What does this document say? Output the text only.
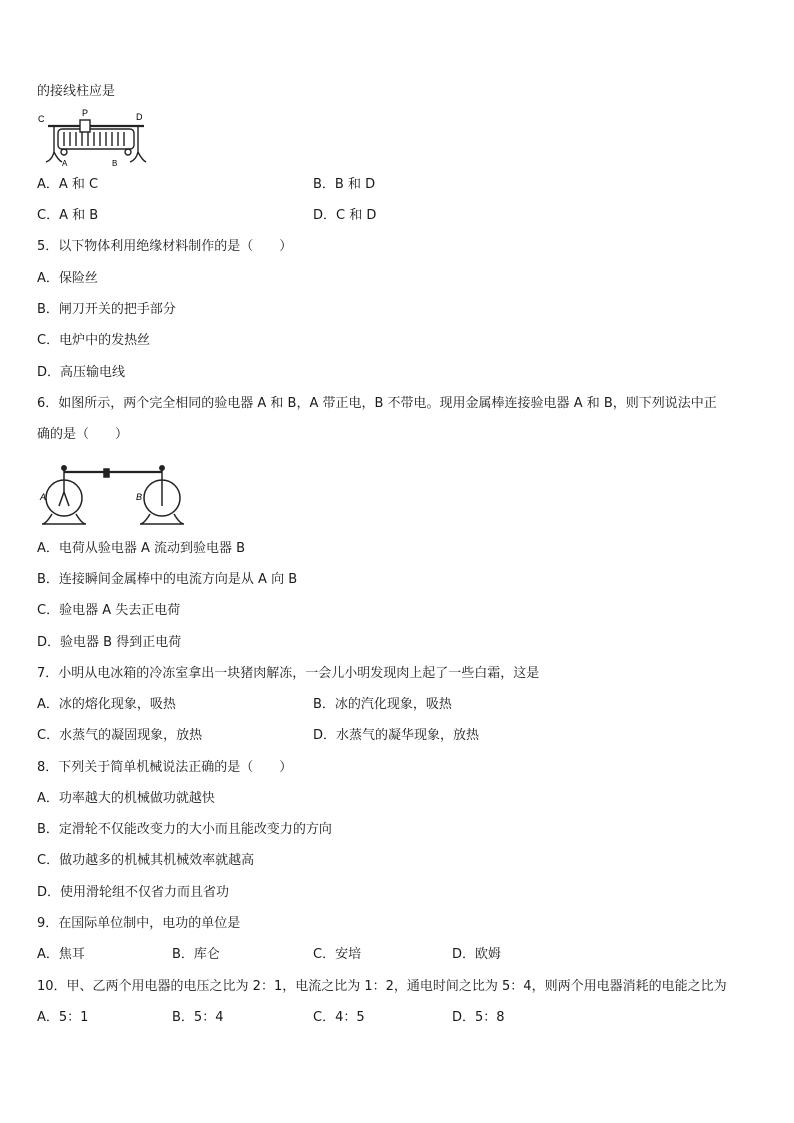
的接线柱应是
C
P	D
A	B
A．A 和 C	B．B 和 D
C．A 和 B	D．C 和 D
5．以下物体利用绝缘材料制作的是（　　）
A．保险丝
B．闸刀开关的把手部分
C．电炉中的发热丝
D．高压输电线
6．如图所示，两个完全相同的验电器 A 和 B，A 带正电，B 不带电。现用金属棒连接验电器 A 和 B，则下列说法中正
确的是（　　）
A	B
A．电荷从验电器 A 流动到验电器 B
B．连接瞬间金属棒中的电流方向是从 A 向 B
C．验电器 A 失去正电荷
D．验电器 B 得到正电荷
7．小明从电冰箱的冷冻室拿出一块猪肉解冻，一会儿小明发现肉上起了一些白霜，这是
A．冰的熔化现象，吸热	B．冰的汽化现象，吸热
C．水蒸气的凝固现象，放热	D．水蒸气的凝华现象，放热
8．下列关于简单机械说法正确的是（　　）
A．功率越大的机械做功就越快
B．定滑轮不仅能改变力的大小而且能改变力的方向
C．做功越多的机械其机械效率就越高
D．使用滑轮组不仅省力而且省功
9．在国际单位制中，电功的单位是
A．焦耳	B．库仑	C．安培	D．欧姆
10．甲、乙两个用电器的电压之比为 2：1，电流之比为 1：2，通电时间之比为 5：4，则两个用电器消耗的电能之比为
A．5：1	B．5：4	C．4：5	D．5：8
